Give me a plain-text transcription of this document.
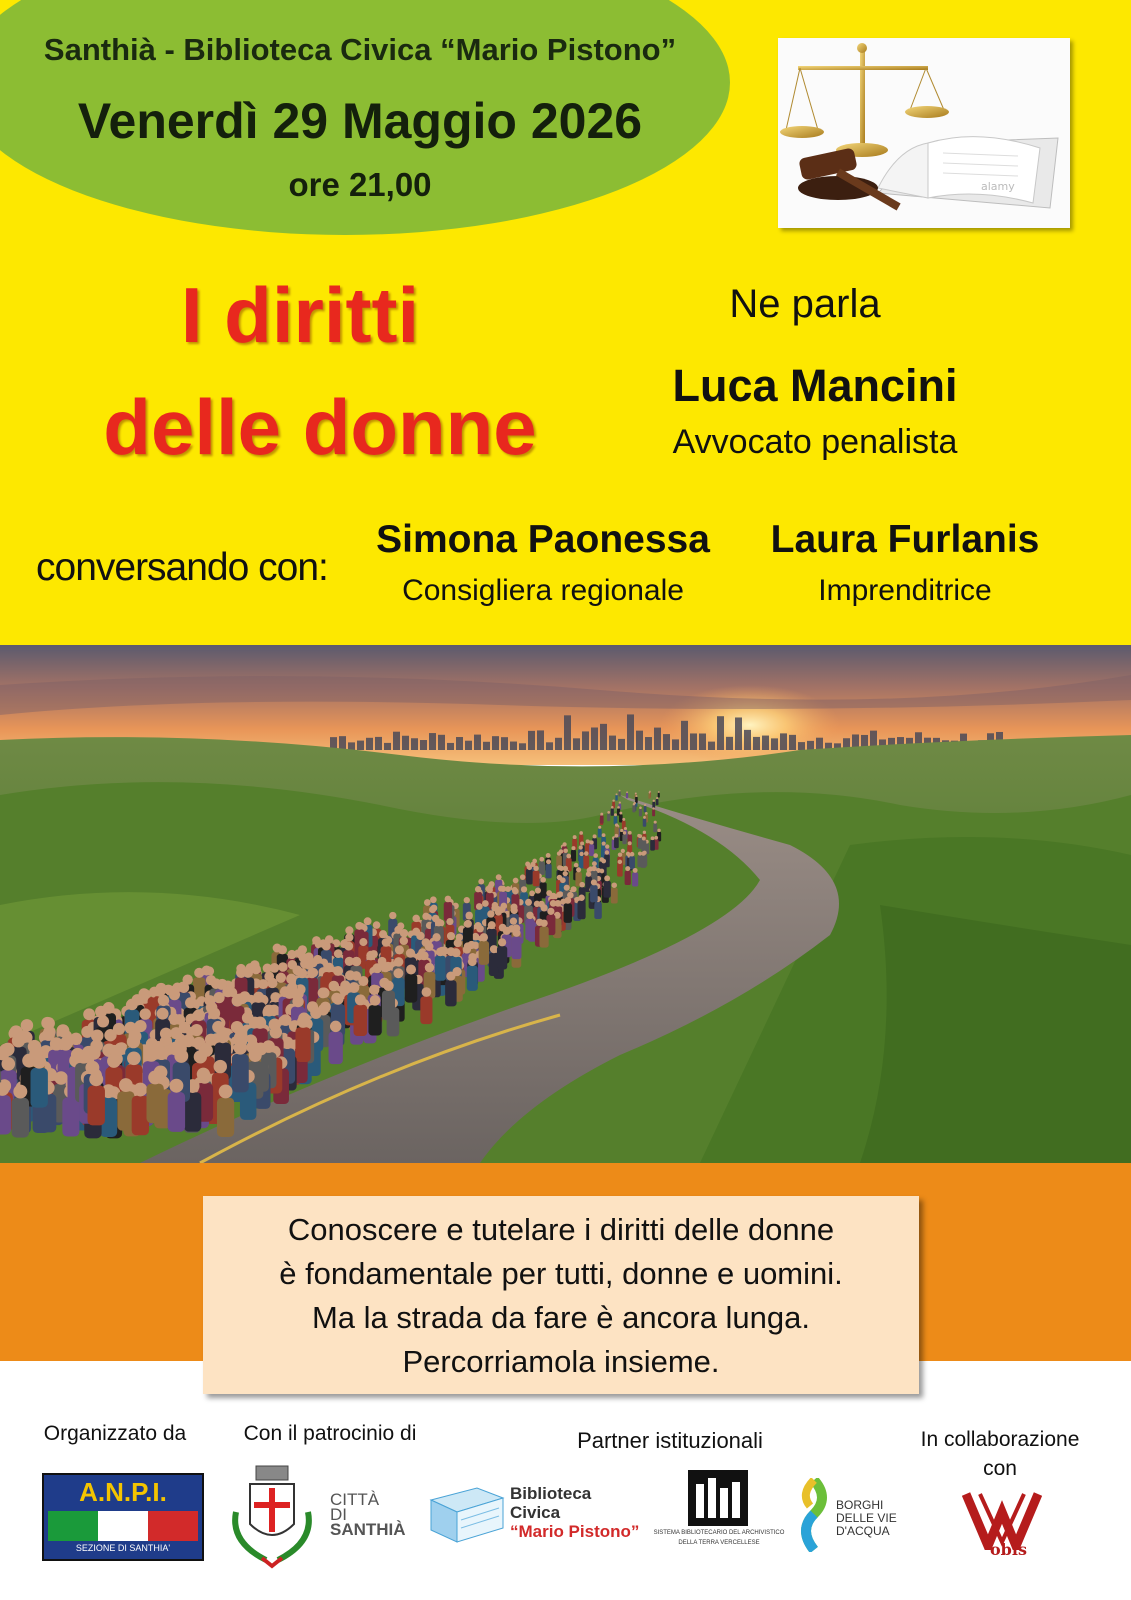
Santhià - Biblioteca Civica “Mario Pistono”
Venerdì 29 Maggio 2026
ore 21,00	alamy
I diritti
delle donne
Ne parla
Luca Mancini
Avvocato penalista
conversando con:
Simona Paonessa
Consigliera regionale
Laura Furlanis
Imprenditrice
Conoscere e tutelare i diritti delle donne
è fondamentale per tutti, donne e uomini.
Ma la strada da fare è ancora lunga.
Percorriamola insieme.
Organizzato da	Con il patrocinio di	Partner istituzionali	In collaborazione
con
A.N.P.I.
SEZIONE DI SANTHIA'
CITTÀ
DI
SANTHIÀ
Biblioteca
Civica
“Mario Pistono”	SISTEMA BIBLIOTECARIO DEL ARCHIVISTICO
DELLA TERRA VERCELLESE
BORGHI
DELLE VIE
D'ACQUA
obis
